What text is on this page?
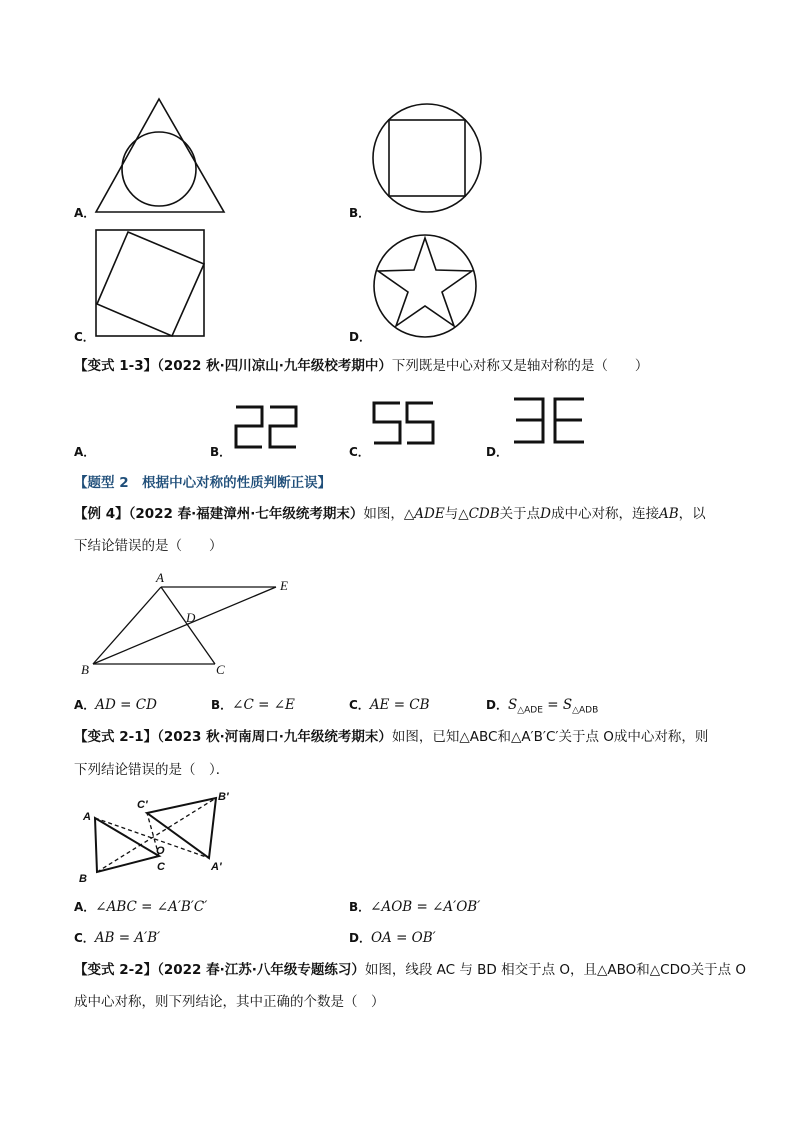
A．	B．
C．	D．
【变式 1-3】（2022 秋·四川凉山·九年级校考期中）下列既是中心对称又是轴对称的是（　　）
A．	B．	C．	D．
【题型 2　根据中心对称的性质判断正误】
【例 4】（2022 春·福建漳州·七年级统考期末）如图，△ADE与△CDB关于点D成中心对称，连接AB，以
下结论错误的是（　　）
A
E
D
B	C
A．AD = CD	B．∠C = ∠E	C．AE = CB	D．$S_{\triangle ADE} = S_{\triangle ADB}$
【变式 2-1】（2023 秋·河南周口·九年级统考期末）如图，已知△ABC和△A′B′C′关于点 O成中心对称，则
下列结论错误的是（　）．
A
B
C
O
A′
B′
C′
A．∠ABC = ∠A′B′C′	B．∠AOB = ∠A′OB′
C．AB = A′B′	D．OA = OB′
【变式 2-2】（2022 春·江苏·八年级专题练习）如图，线段 AC 与 BD 相交于点 O，且△ABO和△CDO关于点 O
成中心对称，则下列结论，其中正确的个数是（　）
